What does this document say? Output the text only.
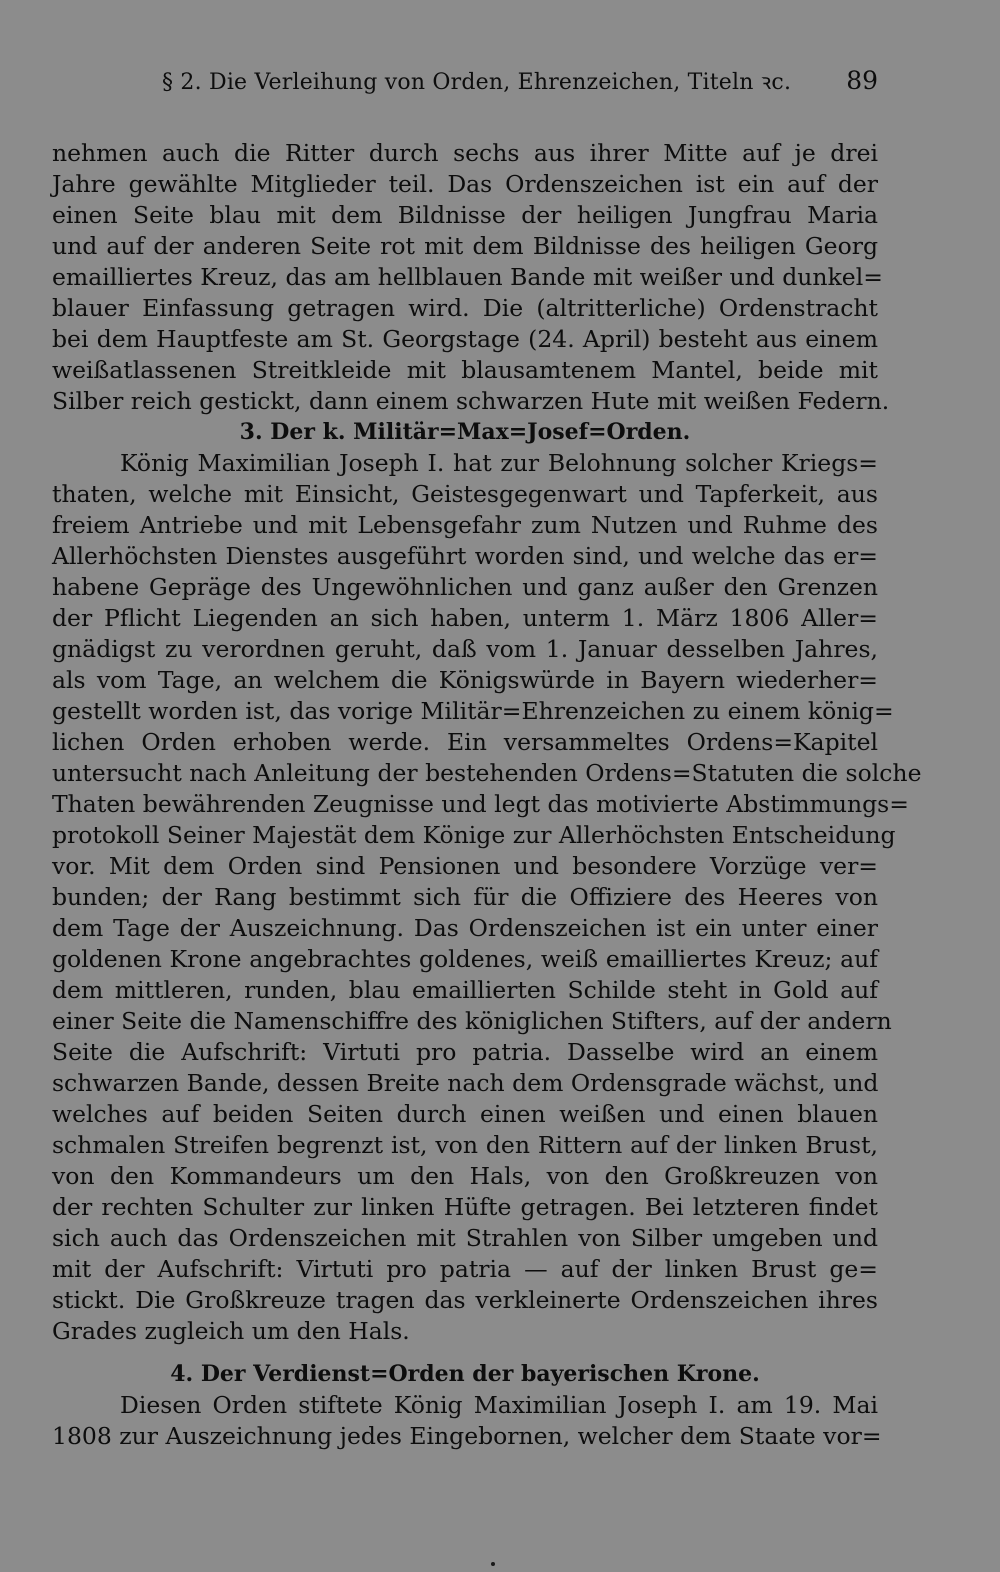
§ 2. Die Verleihung von Orden, Ehrenzeichen, Titeln ꝛc. 89
nehmen auch die Ritter durch sechs aus ihrer Mitte auf je drei
Jahre gewählte Mitglieder teil. Das Ordenszeichen ist ein auf der
einen Seite blau mit dem Bildnisse der heiligen Jungfrau Maria
und auf der anderen Seite rot mit dem Bildnisse des heiligen Georg
emailliertes Kreuz, das am hellblauen Bande mit weißer und dunkel=
blauer Einfassung getragen wird. Die (altritterliche) Ordenstracht
bei dem Hauptfeste am St. Georgstage (24. April) besteht aus einem
weißatlassenen Streitkleide mit blausamtenem Mantel, beide mit
Silber reich gestickt, dann einem schwarzen Hute mit weißen Federn.
3. Der k. Militär=Max=Josef=Orden.
König Maximilian Joseph I. hat zur Belohnung solcher Kriegs=
thaten, welche mit Einsicht, Geistesgegenwart und Tapferkeit, aus
freiem Antriebe und mit Lebensgefahr zum Nutzen und Ruhme des
Allerhöchsten Dienstes ausgeführt worden sind, und welche das er=
habene Gepräge des Ungewöhnlichen und ganz außer den Grenzen
der Pflicht Liegenden an sich haben, unterm 1. März 1806 Aller=
gnädigst zu verordnen geruht, daß vom 1. Januar desselben Jahres,
als vom Tage, an welchem die Königswürde in Bayern wiederher=
gestellt worden ist, das vorige Militär=Ehrenzeichen zu einem könig=
lichen Orden erhoben werde. Ein versammeltes Ordens=Kapitel
untersucht nach Anleitung der bestehenden Ordens=Statuten die solche
Thaten bewährenden Zeugnisse und legt das motivierte Abstimmungs=
protokoll Seiner Majestät dem Könige zur Allerhöchsten Entscheidung
vor. Mit dem Orden sind Pensionen und besondere Vorzüge ver=
bunden; der Rang bestimmt sich für die Offiziere des Heeres von
dem Tage der Auszeichnung. Das Ordenszeichen ist ein unter einer
goldenen Krone angebrachtes goldenes, weiß emailliertes Kreuz; auf
dem mittleren, runden, blau emaillierten Schilde steht in Gold auf
einer Seite die Namenschiffre des königlichen Stifters, auf der andern
Seite die Aufschrift: Virtuti pro patria. Dasselbe wird an einem
schwarzen Bande, dessen Breite nach dem Ordensgrade wächst, und
welches auf beiden Seiten durch einen weißen und einen blauen
schmalen Streifen begrenzt ist, von den Rittern auf der linken Brust,
von den Kommandeurs um den Hals, von den Großkreuzen von
der rechten Schulter zur linken Hüfte getragen. Bei letzteren findet
sich auch das Ordenszeichen mit Strahlen von Silber umgeben und
mit der Aufschrift: Virtuti pro patria — auf der linken Brust ge=
stickt. Die Großkreuze tragen das verkleinerte Ordenszeichen ihres
Grades zugleich um den Hals.
4. Der Verdienst=Orden der bayerischen Krone.
Diesen Orden stiftete König Maximilian Joseph I. am 19. Mai
1808 zur Auszeichnung jedes Eingebornen, welcher dem Staate vor=
